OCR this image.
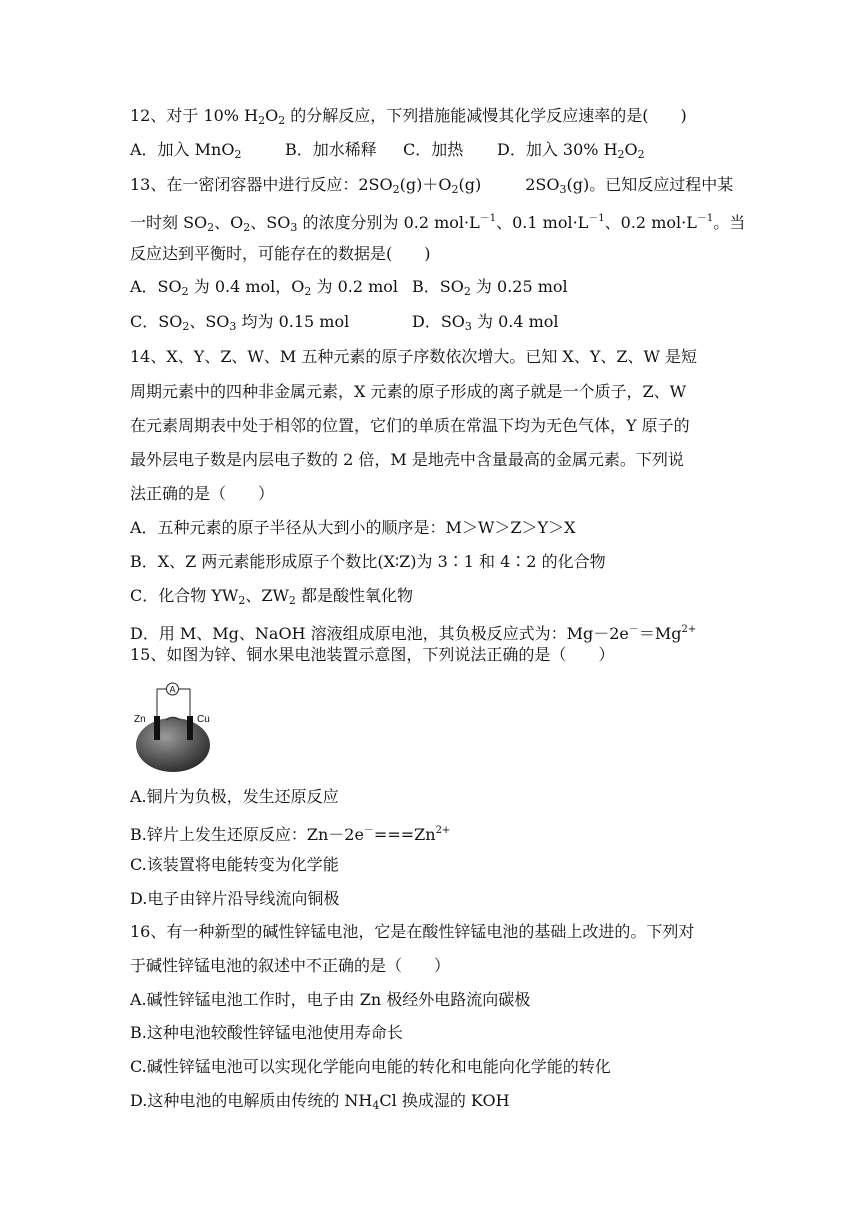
12、对于 10% $H_2O_2$ 的分解反应，下列措施能减慢其化学反应速率的是(　　)
A．加入 MnO$_2$	B．加水稀释 C．加热 D．加入 30% $H_2O_2$
13、在一密闭容器中进行反应：$2SO_2(g)+O_2(g)$	$2SO_3(g)$。已知反应过程中某
一时刻 $SO_2$、$O_2$、$SO_3$ 的浓度分别为 0.2 $mol\cdot L^{-1}$、0.1 $mol\cdot L^{-1}$、0.2 $mol\cdot L^{-1}$。当
反应达到平衡时，可能存在的数据是(　　)
A．$SO_2$ 为 0.4 mol，$O_2$ 为 0.2 mol B．$SO_2$ 为 0.25 mol
C．$SO_2$、$SO_3$ 均为 0.15 mol	D．$SO_3$ 为 0.4 mol
14、X、Y、Z、W、M 五种元素的原子序数依次增大。已知 X、Y、Z、W 是短
周期元素中的四种非金属元素，X 元素的原子形成的离子就是一个质子，Z、W
在元素周期表中处于相邻的位置，它们的单质在常温下均为无色气体，Y 原子的
最外层电子数是内层电子数的 2 倍，M 是地壳中含量最高的金属元素。下列说
法正确的是（　　）
A．五种元素的原子半径从大到小的顺序是：M＞W＞Z＞Y＞X
B．X、Z 两元素能形成原子个数比(X∶Z)为 3∶1 和 4∶2 的化合物
C．化合物 $YW_2$、$ZW_2$ 都是酸性氧化物
D．用 M、Mg、NaOH 溶液组成原电池，其负极反应式为：$Mg-2e^-=Mg^{2+}$
15、如图为锌、铜水果电池装置示意图，下列说法正确的是（　　）
A
Zn	Cu
A.铜片为负极，发生还原反应
B.锌片上发生还原反应：$Zn-2e^-===Zn^{2+}$
C.该装置将电能转变为化学能
D.电子由锌片沿导线流向铜极
16、有一种新型的碱性锌锰电池，它是在酸性锌锰电池的基础上改进的。下列对
于碱性锌锰电池的叙述中不正确的是（　　）
A.碱性锌锰电池工作时，电子由 Zn 极经外电路流向碳极
B.这种电池较酸性锌锰电池使用寿命长
C.碱性锌锰电池可以实现化学能向电能的转化和电能向化学能的转化
D.这种电池的电解质由传统的 $NH_4Cl$ 换成湿的 KOH
